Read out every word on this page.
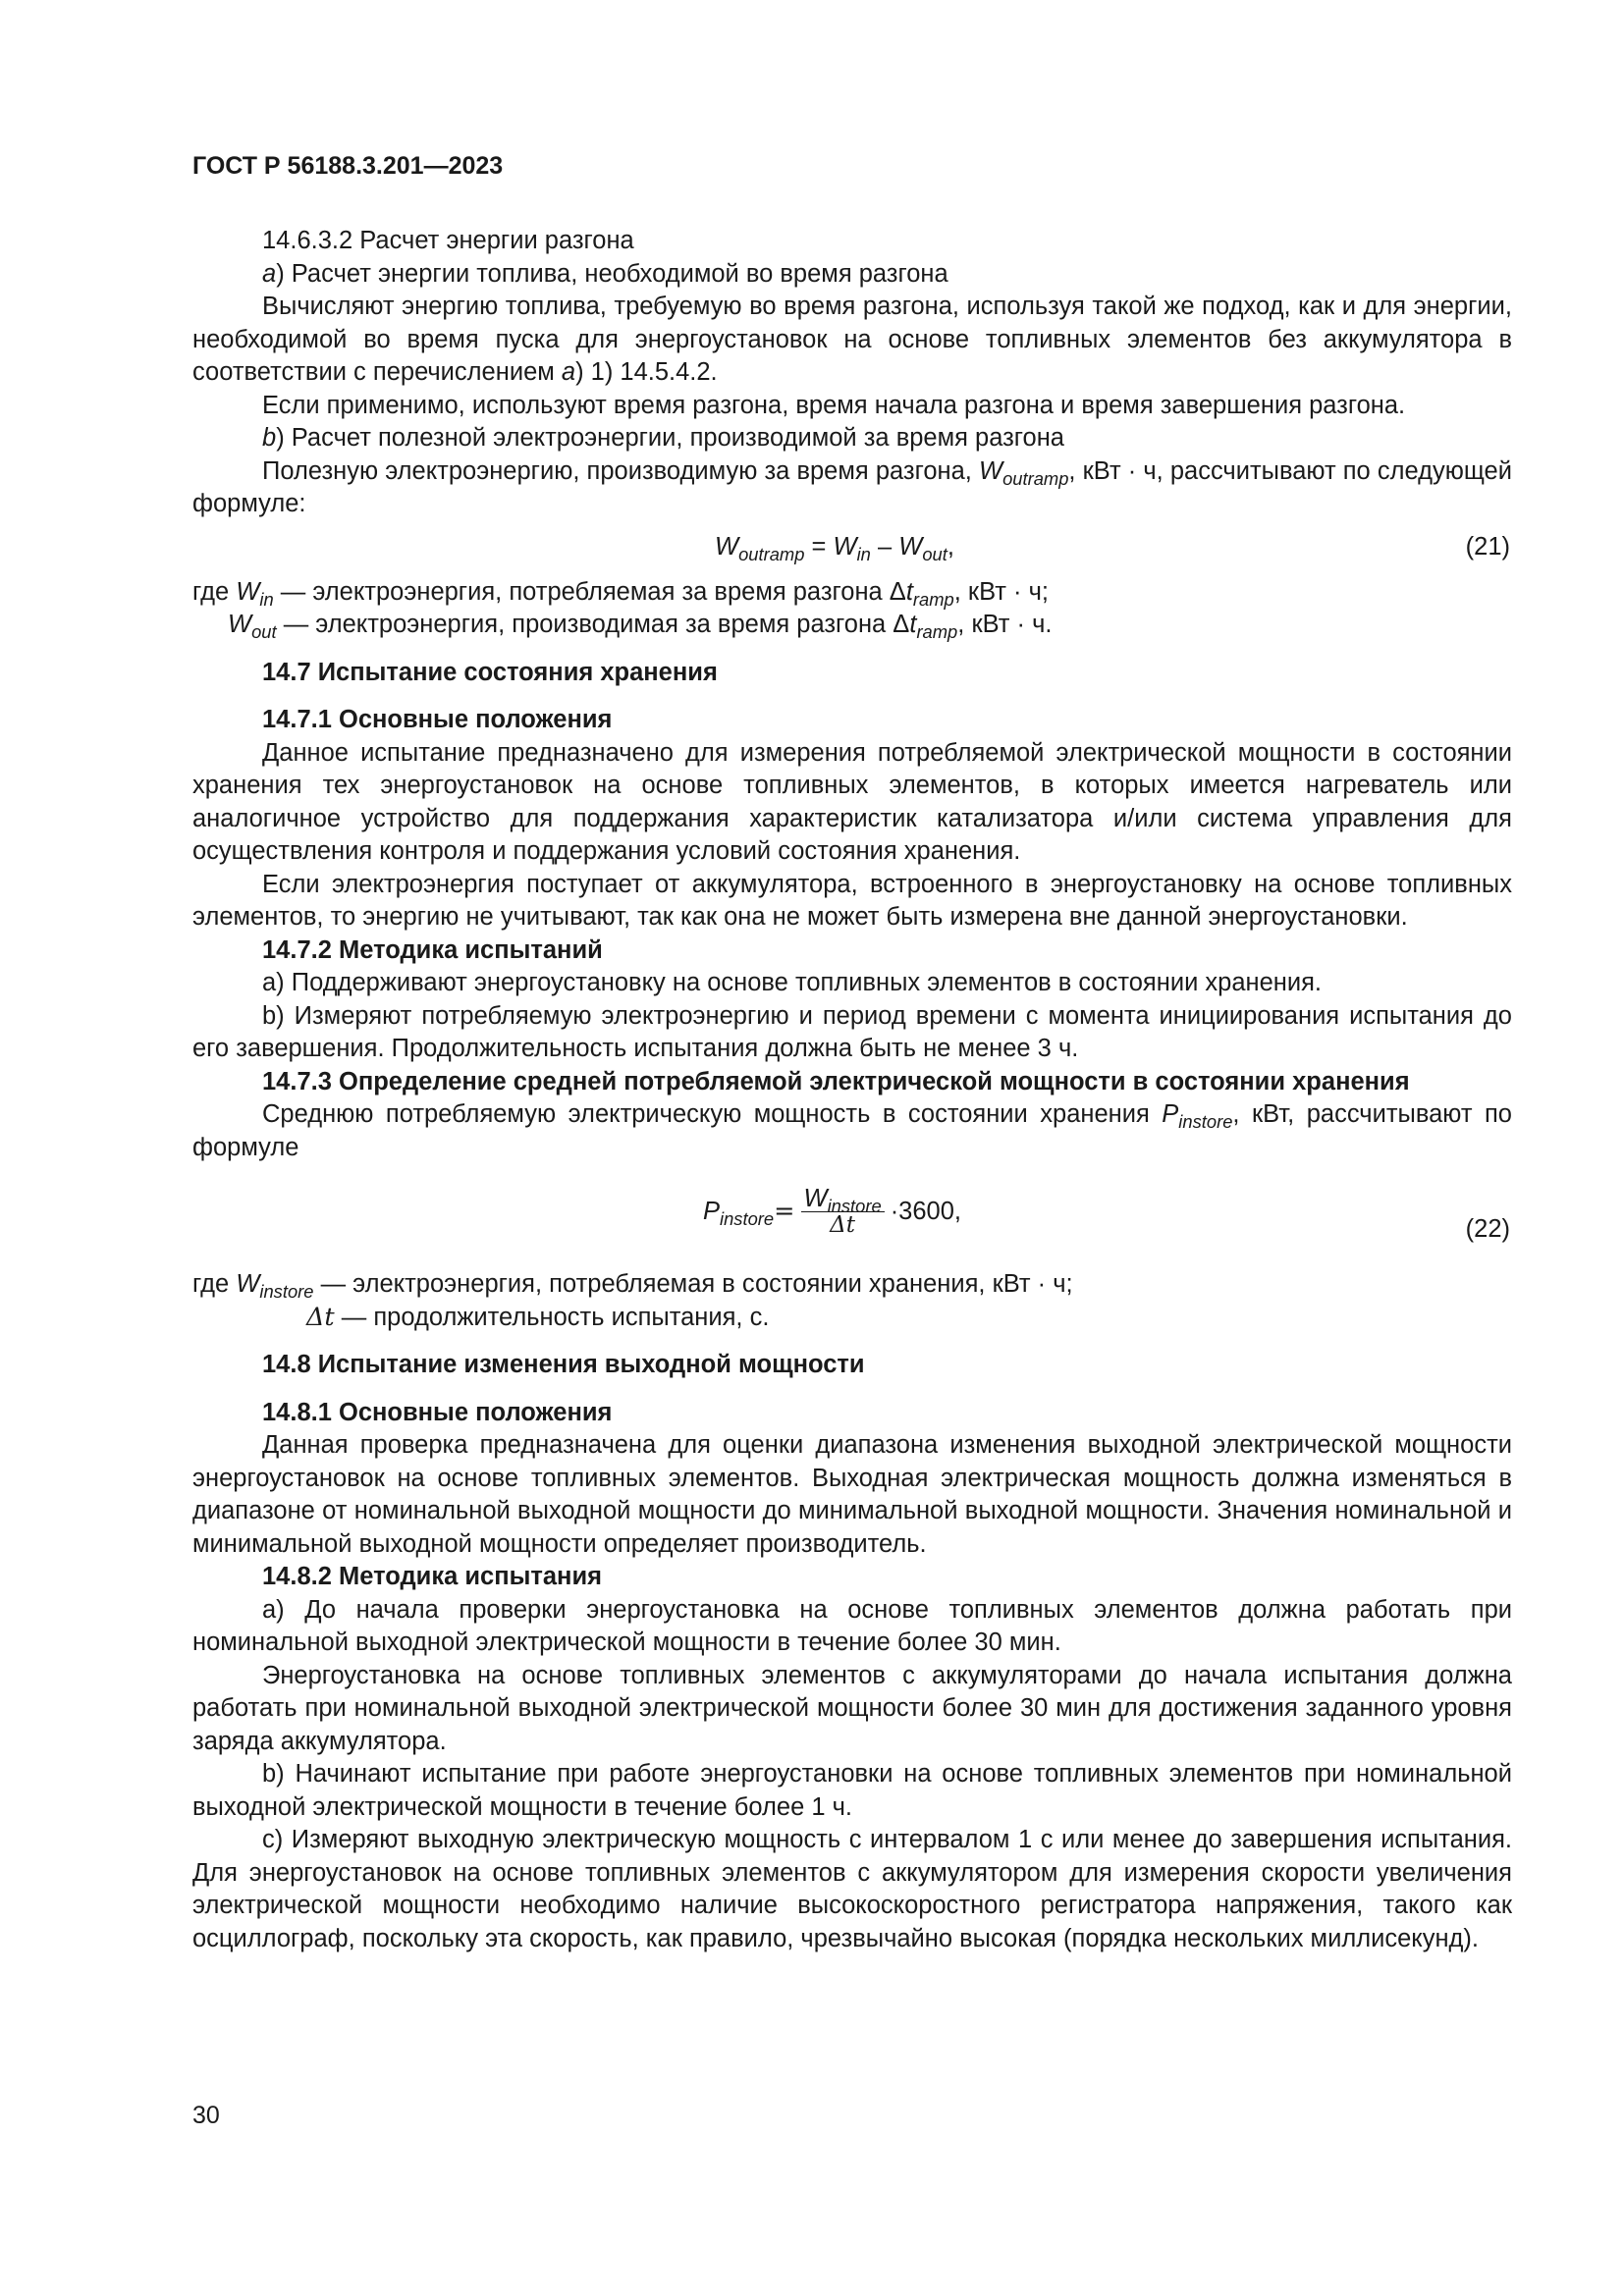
ГОСТ Р 56188.3.201—2023

14.6.3.2 Расчет энергии разгона

а) Расчет энергии топлива, необходимой во время разгона

Вычисляют энергию топлива, требуемую во время разгона, используя такой же подход, как и для энергии, необходимой во время пуска для энергоустановок на основе топливных элементов без аккумулятора в соответствии с перечислением а) 1) 14.5.4.2.

Если применимо, используют время разгона, время начала разгона и время завершения разгона.

b) Расчет полезной электроэнергии, производимой за время разгона

Полезную электроэнергию, производимую за время разгона, $W_{outramp}$, кВт · ч, рассчитывают по следующей формуле:

$W_{outramp} = W_{in} - W_{out}$,	(21)

где $W_{in}$ — электроэнергия, потребляемая за время разгона $\Delta t_{ramp}$, кВт · ч;

$W_{out}$ — электроэнергия, производимая за время разгона $\Delta t_{ramp}$, кВт · ч.

14.7 Испытание состояния хранения

14.7.1 Основные положения

Данное испытание предназначено для измерения потребляемой электрической мощности в состоянии хранения тех энергоустановок на основе топливных элементов, в которых имеется нагреватель или аналогичное устройство для поддержания характеристик катализатора и/или система управления для осуществления контроля и поддержания условий состояния хранения.

Если электроэнергия поступает от аккумулятора, встроенного в энергоустановку на основе топливных элементов, то энергию не учитывают, так как она не может быть измерена вне данной энергоустановки.

14.7.2 Методика испытаний

а) Поддерживают энергоустановку на основе топливных элементов в состоянии хранения.

b) Измеряют потребляемую электроэнергию и период времени с момента инициирования испытания до его завершения. Продолжительность испытания должна быть не менее 3 ч.

14.7.3 Определение средней потребляемой электрической мощности в состоянии хранения

Среднюю потребляемую электрическую мощность в состоянии хранения $P_{instore}$, кВт, рассчитывают по формуле

$P_{instore} = \frac{W_{instore}}{\Delta t} \cdot 3600$,
(22)

где $W_{instore}$ — электроэнергия, потребляемая в состоянии хранения, кВт · ч;

Δt — продолжительность испытания, с.

14.8 Испытание изменения выходной мощности

14.8.1 Основные положения

Данная проверка предназначена для оценки диапазона изменения выходной электрической мощности энергоустановок на основе топливных элементов. Выходная электрическая мощность должна изменяться в диапазоне от номинальной выходной мощности до минимальной выходной мощности. Значения номинальной и минимальной выходной мощности определяет производитель.

14.8.2 Методика испытания

а) До начала проверки энергоустановка на основе топливных элементов должна работать при номинальной выходной электрической мощности в течение более 30 мин.

Энергоустановка на основе топливных элементов с аккумуляторами до начала испытания должна работать при номинальной выходной электрической мощности более 30 мин для достижения заданного уровня заряда аккумулятора.

b) Начинают испытание при работе энергоустановки на основе топливных элементов при номинальной выходной электрической мощности в течение более 1 ч.

с) Измеряют выходную электрическую мощность с интервалом 1 с или менее до завершения испытания. Для энергоустановок на основе топливных элементов с аккумулятором для измерения скорости увеличения электрической мощности необходимо наличие высокоскоростного регистратора напряжения, такого как осциллограф, поскольку эта скорость, как правило, чрезвычайно высокая (порядка нескольких миллисекунд).

30
